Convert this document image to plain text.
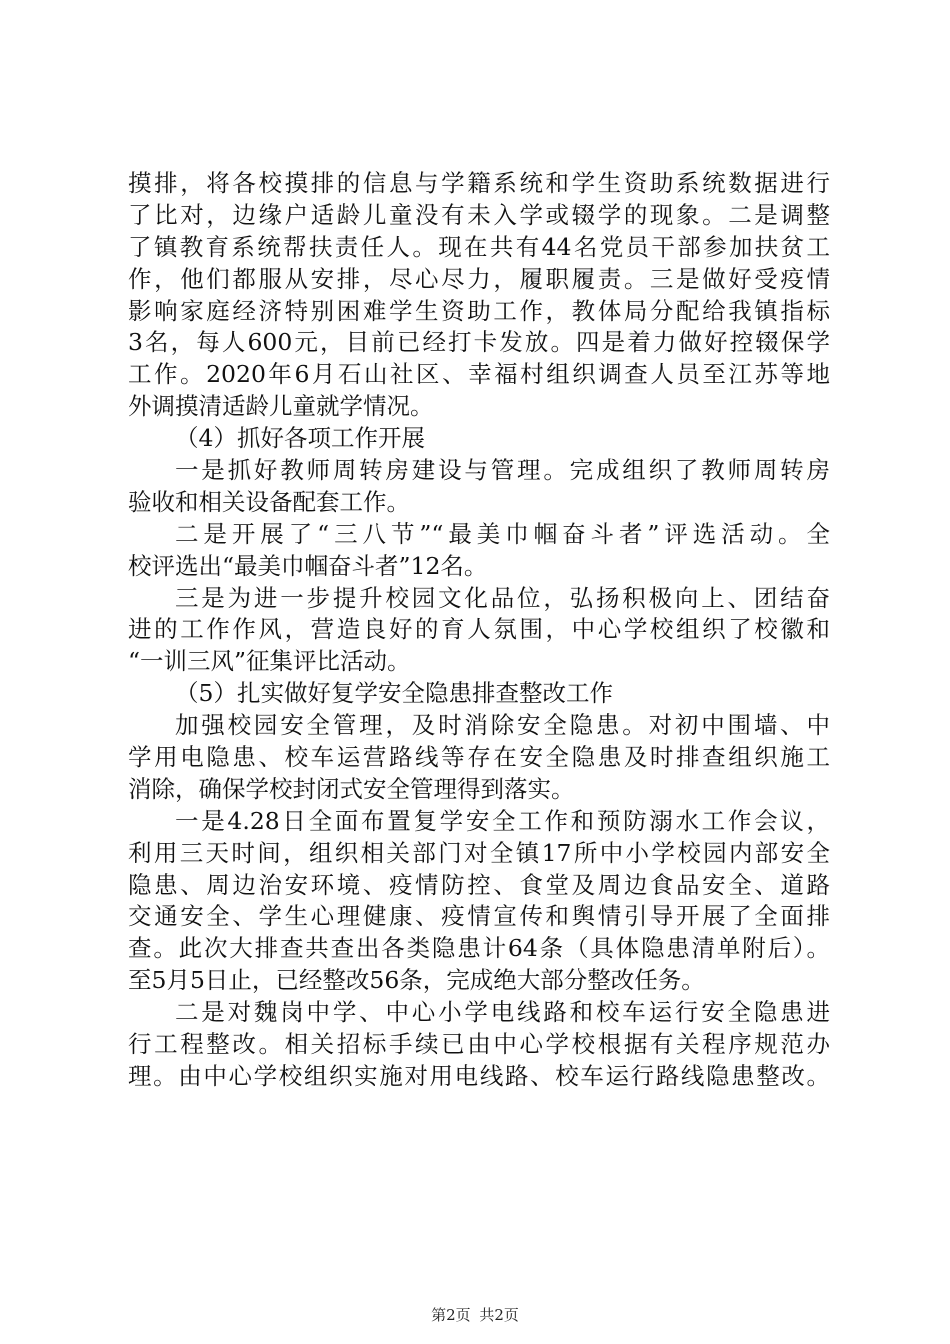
摸排，将各校摸排的信息与学籍系统和学生资助系统数据进行
了比对，边缘户适龄儿童没有未入学或辍学的现象。二是调整
了镇教育系统帮扶责任人。现在共有44名党员干部参加扶贫工
作，他们都服从安排，尽心尽力，履职履责。三是做好受疫情
影响家庭经济特别困难学生资助工作，教体局分配给我镇指标
3名，每人600元，目前已经打卡发放。四是着力做好控辍保学
工作。2020年6月石山社区、幸福村组织调查人员至江苏等地
外调摸清适龄儿童就学情况。
（4）抓好各项工作开展
一是抓好教师周转房建设与管理。完成组织了教师周转房
验收和相关设备配套工作。
二是开展了“三八节”“最美巾帼奋斗者”评选活动。全
校评选出“最美巾帼奋斗者”12名。
三是为进一步提升校园文化品位，弘扬积极向上、团结奋
进的工作作风，营造良好的育人氛围，中心学校组织了校徽和
“一训三风”征集评比活动。
（5）扎实做好复学安全隐患排查整改工作
加强校园安全管理，及时消除安全隐患。对初中围墙、中
学用电隐患、校车运营路线等存在安全隐患及时排查组织施工
消除，确保学校封闭式安全管理得到落实。
一是4.28日全面布置复学安全工作和预防溺水工作会议，
利用三天时间，组织相关部门对全镇17所中小学校园内部安全
隐患、周边治安环境、疫情防控、食堂及周边食品安全、道路
交通安全、学生心理健康、疫情宣传和舆情引导开展了全面排
查。此次大排查共查出各类隐患计64条（具体隐患清单附后）。
至5月5日止，已经整改56条，完成绝大部分整改任务。
二是对魏岗中学、中心小学电线路和校车运行安全隐患进
行工程整改。相关招标手续已由中心学校根据有关程序规范办
理。由中心学校组织实施对用电线路、校车运行路线隐患整改。
第2页 共2页
